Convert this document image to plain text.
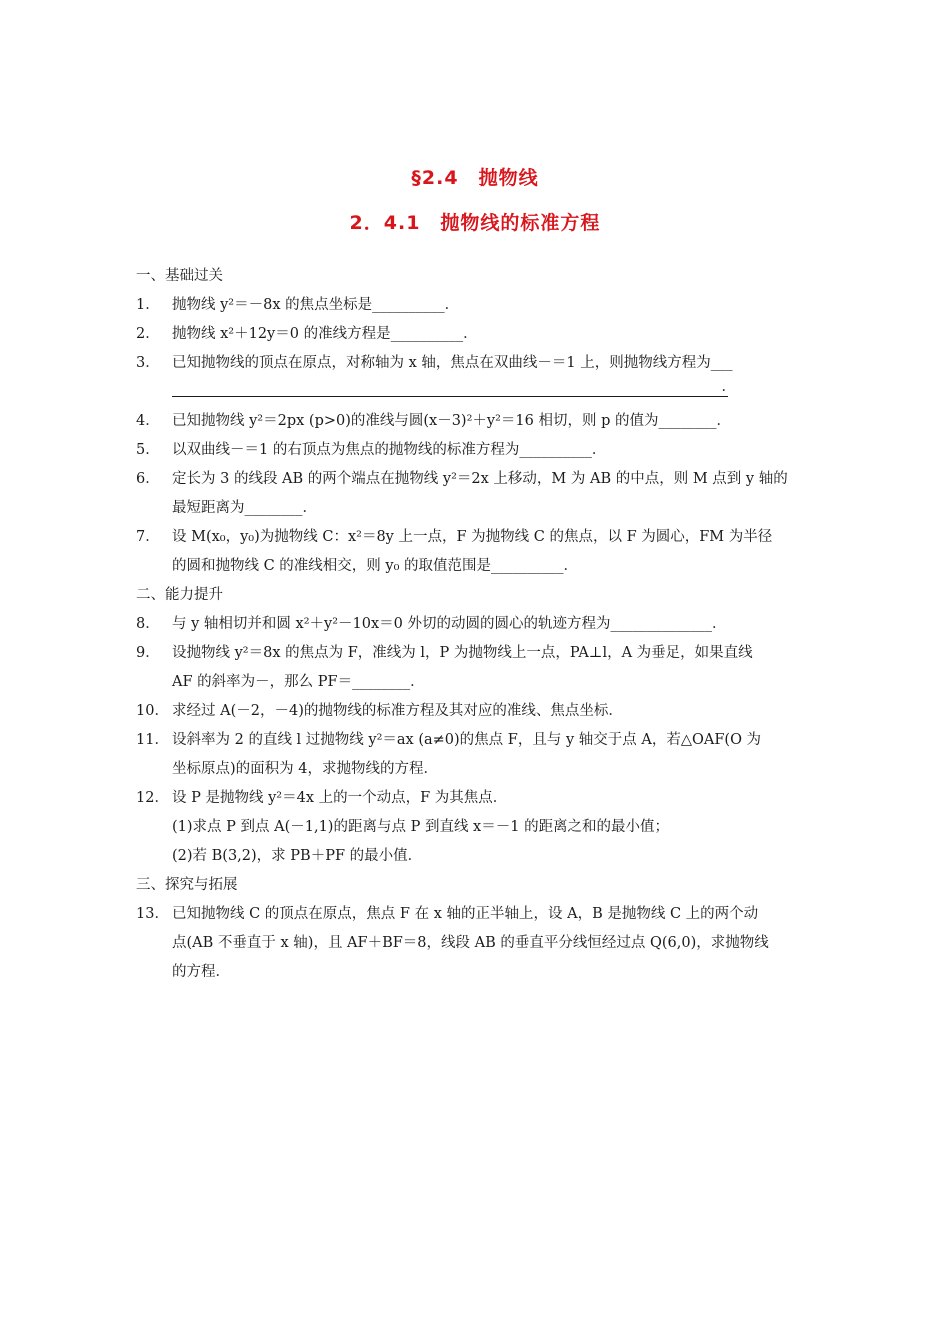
§2.4　抛物线
2．4.1　抛物线的标准方程
一、基础过关
1． 抛物线 y²＝－8x 的焦点坐标是__________．
2． 抛物线 x²＋12y＝0 的准线方程是__________．
3． 已知抛物线的顶点在原点，对称轴为 x 轴，焦点在双曲线－＝1 上，则抛物线方程为___
．
4． 已知抛物线 y²＝2px (p>0)的准线与圆(x－3)²＋y²＝16 相切，则 p 的值为________．
5． 以双曲线－＝1 的右顶点为焦点的抛物线的标准方程为__________．
6． 定长为 3 的线段 AB 的两个端点在抛物线 y²＝2x 上移动，M 为 AB 的中点，则 M 点到 y 轴的
最短距离为________．
7． 设 M(x₀，y₀)为抛物线 C：x²＝8y 上一点，F 为抛物线 C 的焦点，以 F 为圆心，FM 为半径
的圆和抛物线 C 的准线相交，则 y₀ 的取值范围是__________．
二、能力提升
8． 与 y 轴相切并和圆 x²＋y²－10x＝0 外切的动圆的圆心的轨迹方程为______________．
9． 设抛物线 y²＝8x 的焦点为 F，准线为 l，P 为抛物线上一点，PA⊥l，A 为垂足，如果直线
AF 的斜率为－，那么 PF＝________．
10． 求经过 A(－2，－4)的抛物线的标准方程及其对应的准线、焦点坐标．
11． 设斜率为 2 的直线 l 过抛物线 y²＝ax (a≠0)的焦点 F，且与 y 轴交于点 A，若△OAF(O 为
坐标原点)的面积为 4，求抛物线的方程．
12． 设 P 是抛物线 y²＝4x 上的一个动点，F 为其焦点．
(1)求点 P 到点 A(－1,1)的距离与点 P 到直线 x＝－1 的距离之和的最小值；
(2)若 B(3,2)，求 PB＋PF 的最小值．
三、探究与拓展
13． 已知抛物线 C 的顶点在原点，焦点 F 在 x 轴的正半轴上，设 A，B 是抛物线 C 上的两个动
点(AB 不垂直于 x 轴)，且 AF＋BF＝8，线段 AB 的垂直平分线恒经过点 Q(6,0)，求抛物线
的方程．
